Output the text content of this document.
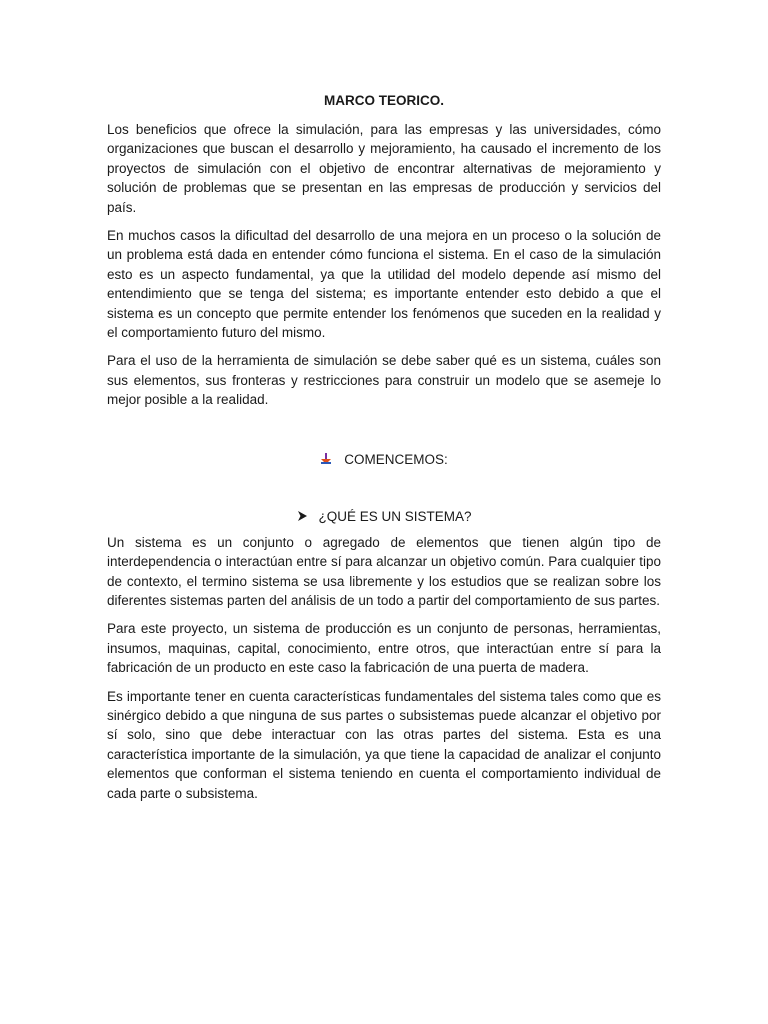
MARCO TEORICO.

Los beneficios que ofrece la simulación, para las empresas y las universidades, cómo organizaciones que buscan el desarrollo y mejoramiento, ha causado el incremento de los proyectos de simulación con el objetivo de encontrar alternativas de mejoramiento y solución de problemas que se presentan en las empresas de producción y servicios del país.

En muchos casos la dificultad del desarrollo de una mejora en un proceso o la solución de un problema está dada en entender cómo funciona el sistema. En el caso de la simulación esto es un aspecto fundamental, ya que la utilidad del modelo depende así mismo del entendimiento que se tenga del sistema; es importante entender esto debido a que el sistema es un concepto que permite entender los fenómenos que suceden en la realidad y el comportamiento futuro del mismo.

Para el uso de la herramienta de simulación se debe saber qué es un sistema, cuáles son sus elementos, sus fronteras y restricciones para construir un modelo que se asemeje lo mejor posible a la realidad.

COMENCEMOS:
¿QUÉ ES UN SISTEMA?

Un sistema es un conjunto o agregado de elementos que tienen algún tipo de interdependencia o interactúan entre sí para alcanzar un objetivo común. Para cualquier tipo de contexto, el termino sistema se usa libremente y los estudios que se realizan sobre los diferentes sistemas parten del análisis de un todo a partir del comportamiento de sus partes.

Para este proyecto, un sistema de producción es un conjunto de personas, herramientas, insumos, maquinas, capital, conocimiento, entre otros, que interactúan entre sí para la fabricación de un producto en este caso la fabricación de una puerta de madera.

Es importante tener en cuenta características fundamentales del sistema tales como que es sinérgico debido a que ninguna de sus partes o subsistemas puede alcanzar el objetivo por sí solo, sino que debe interactuar con las otras partes del sistema. Esta es una característica importante de la simulación, ya que tiene la capacidad de analizar el conjunto elementos que conforman el sistema teniendo en cuenta el comportamiento individual de cada parte o subsistema.
